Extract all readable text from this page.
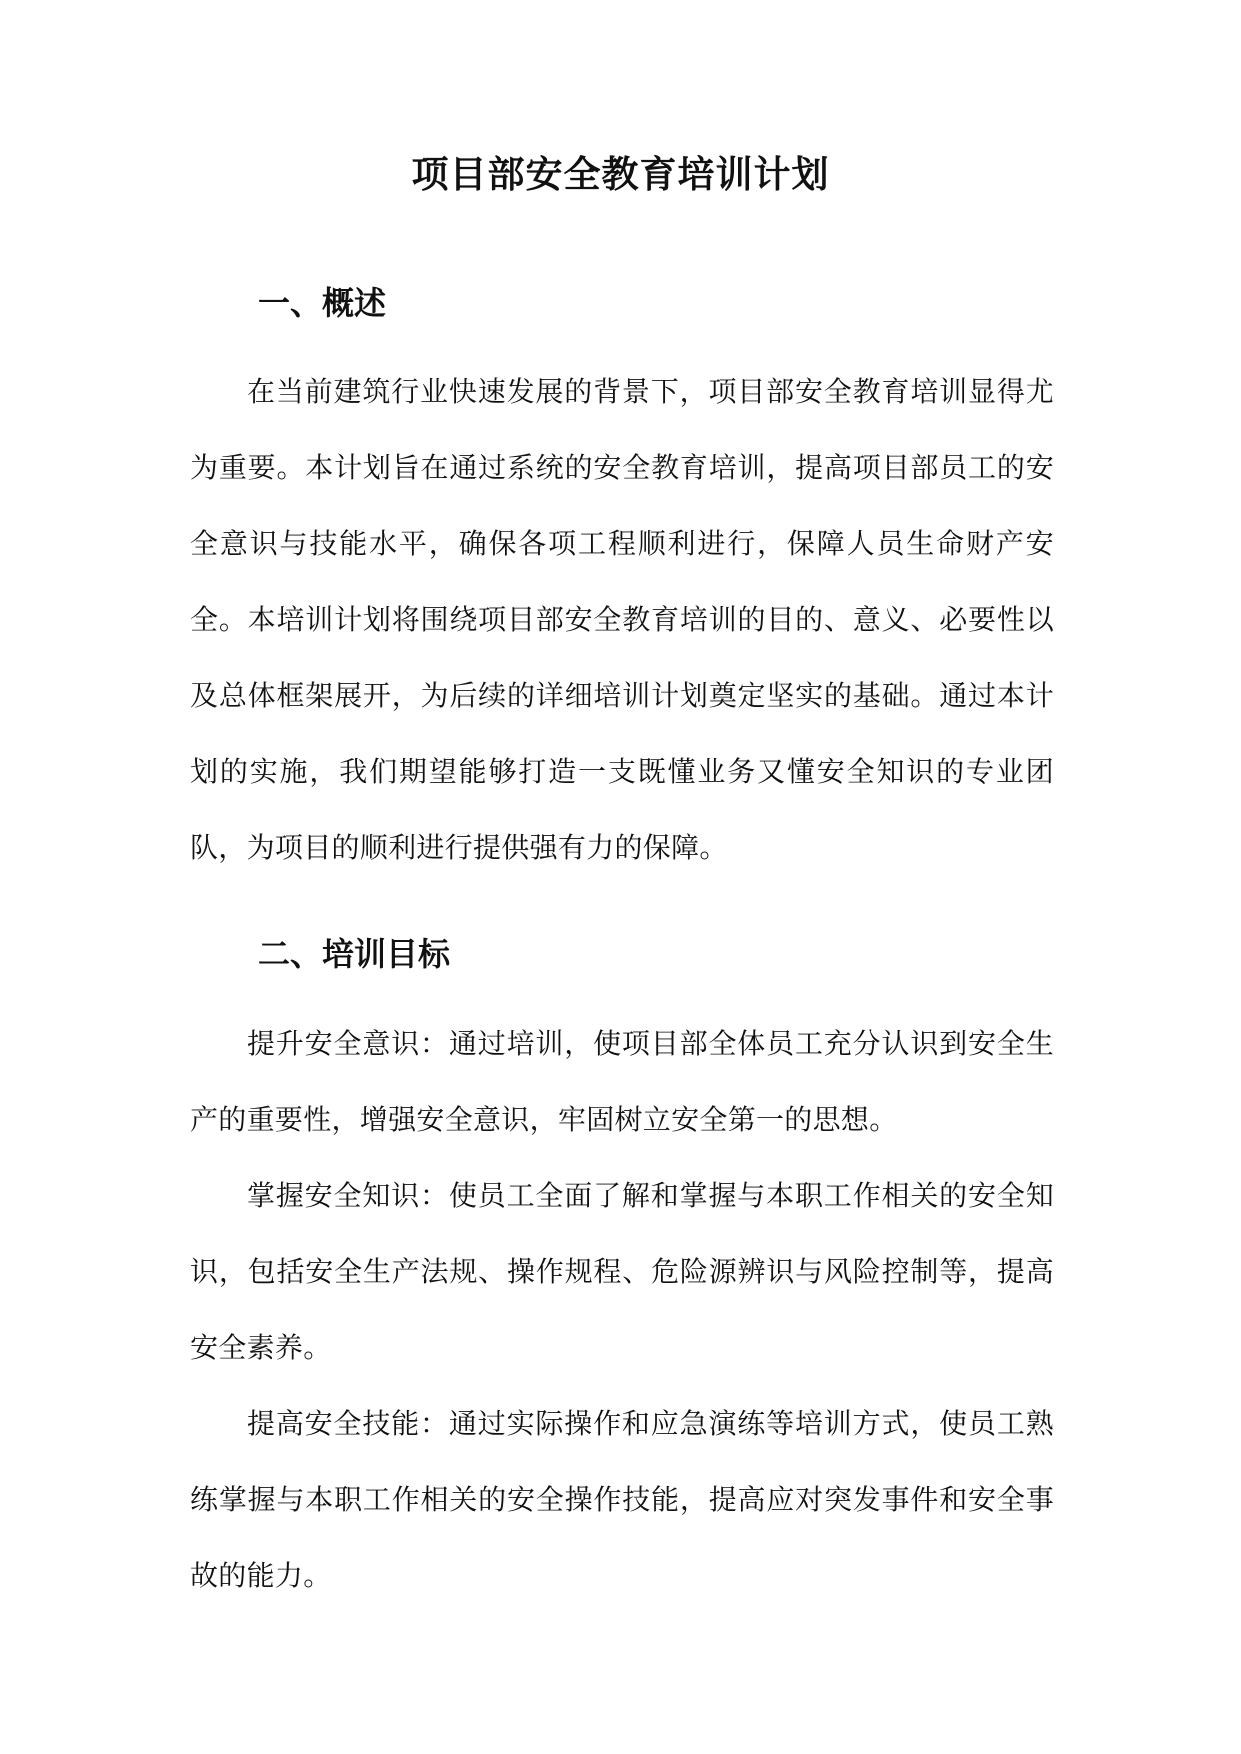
项目部安全教育培训计划
一、概述

在当前建筑行业快速发展的背景下，项目部安全教育培训显得尤为重要。本计划旨在通过系统的安全教育培训，提高项目部员工的安全意识与技能水平，确保各项工程顺利进行，保障人员生命财产安全。本培训计划将围绕项目部安全教育培训的目的、意义、必要性以及总体框架展开，为后续的详细培训计划奠定坚实的基础。通过本计划的实施，我们期望能够打造一支既懂业务又懂安全知识的专业团队，为项目的顺利进行提供强有力的保障。

二、培训目标

提升安全意识：通过培训，使项目部全体员工充分认识到安全生产的重要性，增强安全意识，牢固树立安全第一的思想。

掌握安全知识：使员工全面了解和掌握与本职工作相关的安全知识，包括安全生产法规、操作规程、危险源辨识与风险控制等，提高安全素养。

提高安全技能：通过实际操作和应急演练等培训方式，使员工熟练掌握与本职工作相关的安全操作技能，提高应对突发事件和安全事故的能力。
